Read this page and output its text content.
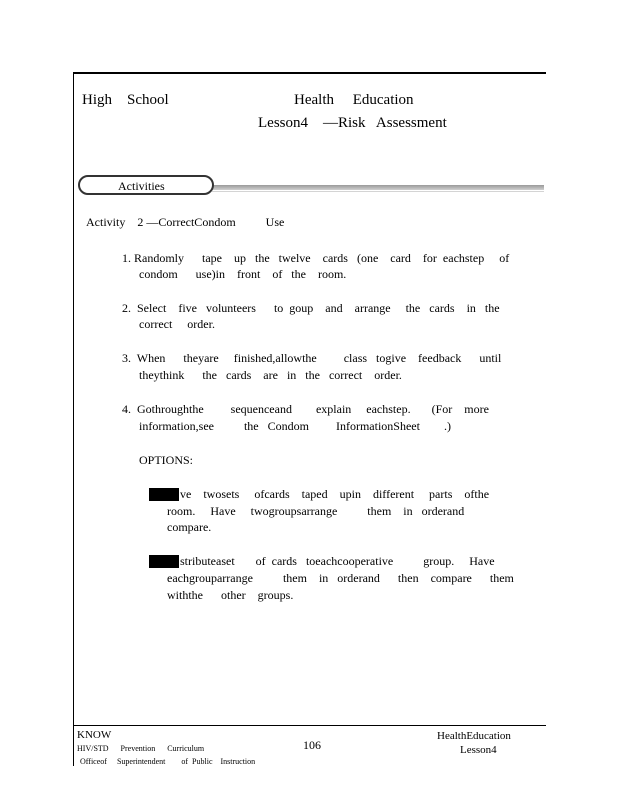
High    School	Health     Education
Lesson4    —Risk   Assessment
Activities
Activity    2 —CorrectCondom          Use
1. Randomly      tape    up   the   twelve    cards   (one    card    for  eachstep     of
condom      use)in    front    of   the    room.
2.  Select    five   volunteers      to  goup    and    arrange     the   cards    in   the
correct     order.
3.  When      theyare     finished,allowthe         class   togive    feedback      until
theythink      the   cards    are   in   the   correct    order.
4.  Gothroughthe         sequenceand        explain     eachstep.       (For    more
information,see          the   Condom         InformationSheet        .)
OPTIONS:
ve    twosets     ofcards    taped    upin    different     parts    ofthe
room.     Have     twogroupsarrange          them    in   orderand
compare.
stributeaset       of  cards   toeachcooperative          group.     Have
eachgrouparrange          them    in   orderand      then    compare      them
withthe      other    groups.
KNOW
HIV/STD      Prevention      Curriculum
Officeof     Superintendent        of  Public    Instruction
106
HealthEducation
Lesson4
